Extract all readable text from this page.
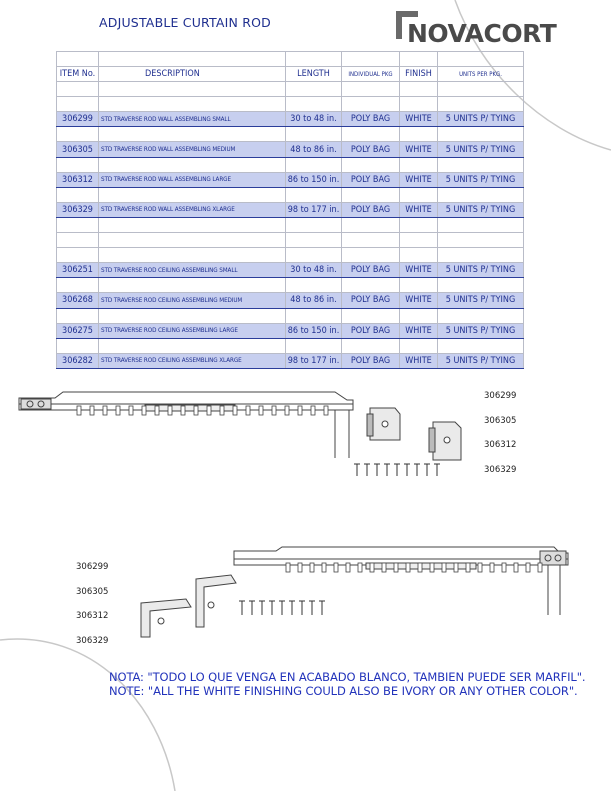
ADJUSTABLE CURTAIN ROD	NOVACORT

ITEM No.	DESCRIPTION	LENGTH	INDIVIDUAL PKG	FINISH	UNITS PER PKG.

306299	STD TRAVERSE ROD WALL ASSEMBLING SMALL	30 to 48 in.	POLY BAG	WHITE	5 UNITS P/ TYING

306305	STD TRAVERSE ROD WALL ASSEMBLING MEDIUM	48 to 86 in.	POLY BAG	WHITE	5 UNITS P/ TYING

306312	STD TRAVERSE ROD WALL ASSEMBLING LARGE	86 to 150 in.	POLY BAG	WHITE	5 UNITS P/ TYING

306329	STD TRAVERSE ROD WALL ASSEMBLING XLARGE	98 to 177 in.	POLY BAG	WHITE	5 UNITS P/ TYING

306251	STD TRAVERSE ROD CEILING ASSEMBLING SMALL	30 to 48 in.	POLY BAG	WHITE	5 UNITS P/ TYING

306268	STD TRAVERSE ROD CEILING ASSEMBLING MEDIUM	48 to 86 in.	POLY BAG	WHITE	5 UNITS P/ TYING

306275	STD TRAVERSE ROD CEILING ASSEMBLING LARGE	86 to 150 in.	POLY BAG	WHITE	5 UNITS P/ TYING

306282	STD TRAVERSE ROD CEILING ASSEMBLING XLARGE	98 to 177 in.	POLY BAG	WHITE	5 UNITS P/ TYING
306299
306305
306312
306329
306299
306305
306312
306329
NOTA: "TODO LO QUE VENGA EN ACABADO BLANCO, TAMBIEN PUEDE SER MARFIL".
NOTE: "ALL THE WHITE FINISHING COULD ALSO BE IVORY OR ANY OTHER COLOR".
